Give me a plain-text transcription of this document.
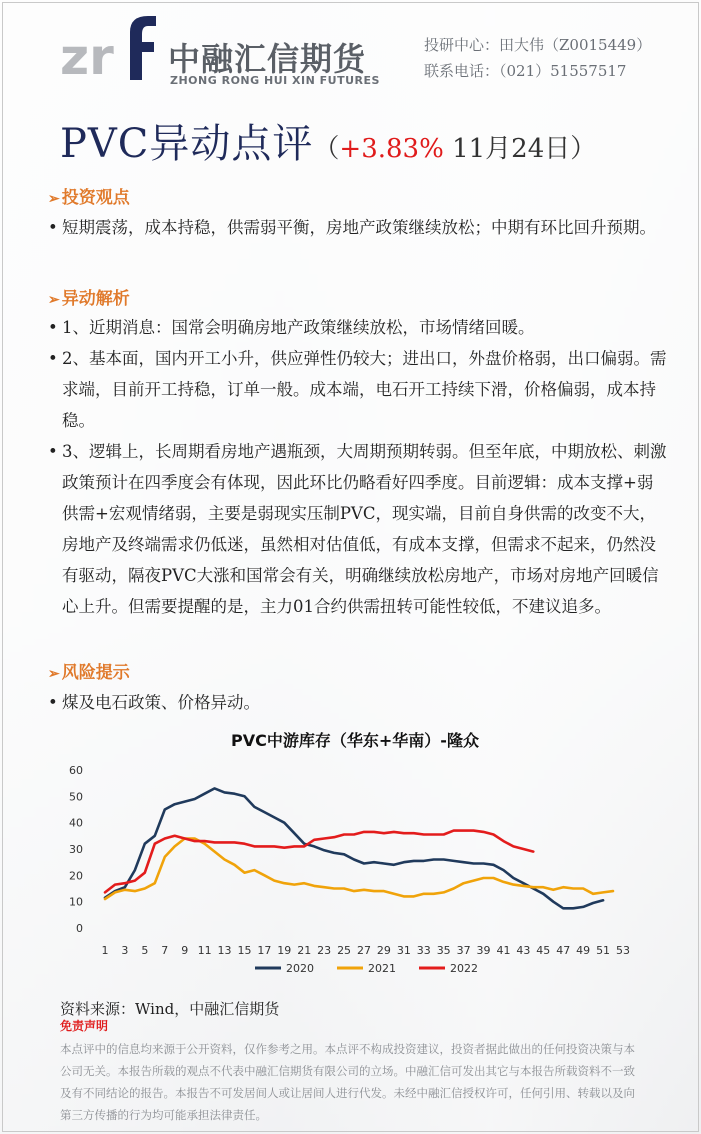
zr 中融汇信期货
ZHONG RONG HUI XIN FUTURES
投研中心：田大伟（Z0015449）
联系电话：（021）51557517
PVC异动点评（+3.83% 11月24日）
➢ 投资观点
• 短期震荡，成本持稳，供需弱平衡，房地产政策继续放松；中期有环比回升预期。
➢ 异动解析
• 1、近期消息：国常会明确房地产政策继续放松，市场情绪回暖。
• 2、基本面，国内开工小升，供应弹性仍较大；进出口，外盘价格弱，出口偏弱。需求端，目前开工持稳，订单一般。成本端，电石开工持续下滑，价格偏弱，成本持稳。
• 3、逻辑上，长周期看房地产遇瓶颈，大周期预期转弱。但至年底，中期放松、刺激政策预计在四季度会有体现，因此环比仍略看好四季度。目前逻辑：成本支撑+弱供需+宏观情绪弱，主要是弱现实压制PVC，现实端，目前自身供需的改变不大，房地产及终端需求仍低迷，虽然相对估值低，有成本支撑，但需求不起来，仍然没有驱动，隔夜PVC大涨和国常会有关，明确继续放松房地产，市场对房地产回暖信心上升。但需要提醒的是，主力01合约供需扭转可能性较低，不建议追多。
➢ 风险提示
• 煤及电石政策、价格异动。
PVC中游库存（华东+华南）-隆众
0
10
20
30
40
50
60
1 3 5 7 9 11 13 15 17 19 21 23 25 27 29 31 33 35 37 39 41 43 45 47 49 51 53
2020	2021	2022
资料来源：Wind，中融汇信期货
免责声明
本点评中的信息均来源于公开资料，仅作参考之用。本点评不构成投资建议，投资者据此做出的任何投资决策与本公司无关。本报告所载的观点不代表中融汇信期货有限公司的立场。中融汇信可发出其它与本报告所载资料不一致及有不同结论的报告。本报告不可发居间人或让居间人进行代发。未经中融汇信授权许可，任何引用、转载以及向第三方传播的行为均可能承担法律责任。
